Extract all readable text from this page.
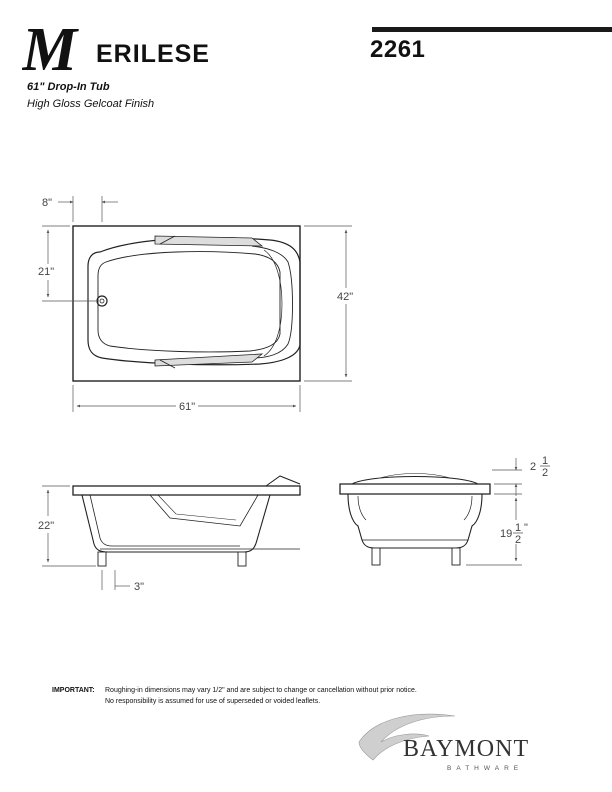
M ERILESE	2261
61" Drop-In Tub
High Gloss Gelcoat Finish
8"
21"
42"
61"
22"
3"
2 1
2
19 1
2
"
IMPORTANT: Roughing-in dimensions may vary 1/2" and are subject to change or cancellation without prior notice.
No responsibility is assumed for use of superseded or voided leaflets.
BAYMONT
BATHWARE
